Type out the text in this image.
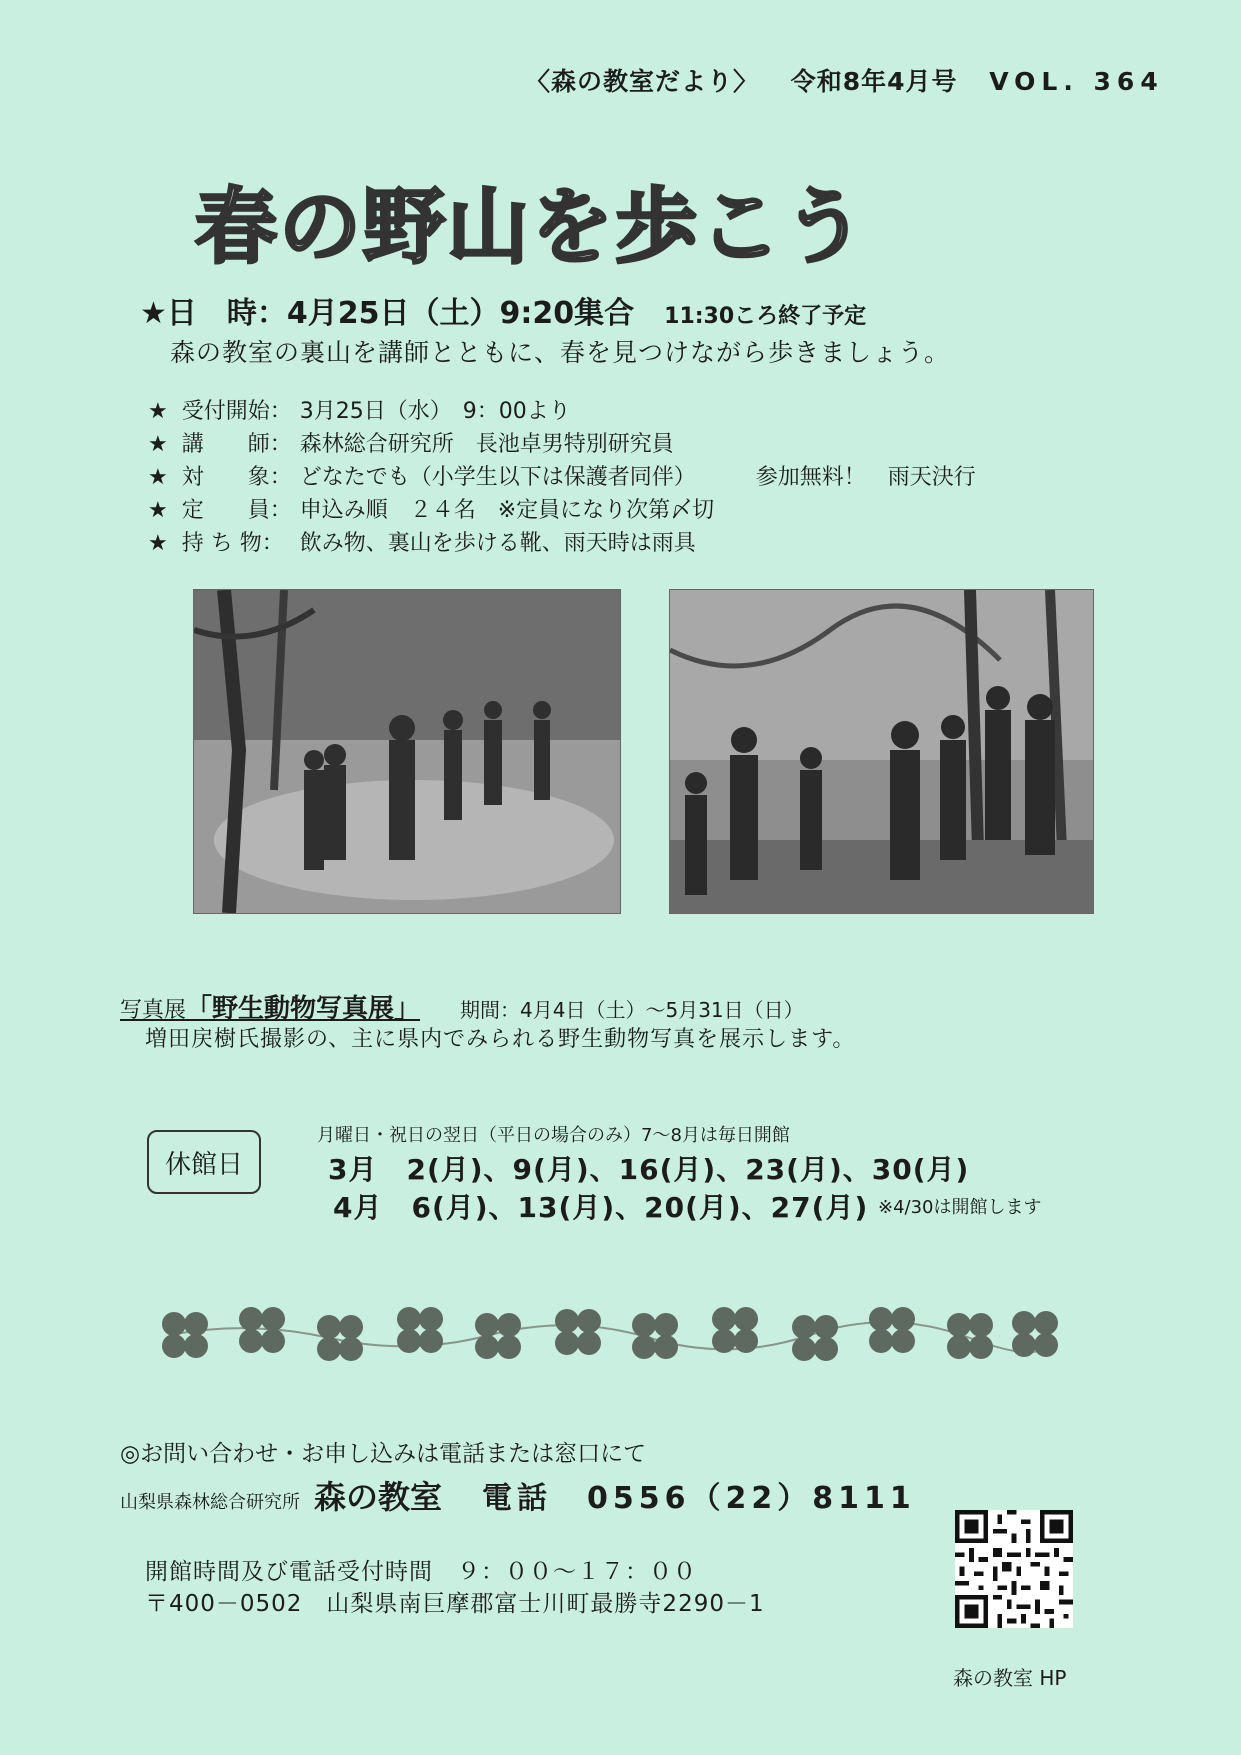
〈森の教室だより〉 令和8年4月号 VOL. 364
春の野山を歩こう
★日　時：4月25日（土）9:20集合 11:30ころ終了予定
森の教室の裏山を講師とともに、春を見つけながら歩きましょう。
★ 受付開始： 3月25日（水）　9：00より
★ 講　　師： 森林総合研究所　長池卓男特別研究員
★ 対　　象： どなたでも（小学生以下は保護者同伴）	参加無料！　雨天決行
★ 定　　員： 申込み順　２４名　※定員になり次第〆切
★ 持 ち 物： 飲み物、裏山を歩ける靴、雨天時は雨具
写真展「野生動物写真展」 期間：4月4日（土）～5月31日（日）
増田戻樹氏撮影の、主に県内でみられる野生動物写真を展示します。
休館日
月曜日・祝日の翌日（平日の場合のみ）7～8月は毎日開館
3月　2(月)、9(月)、16(月)、23(月)、30(月)
4月　6(月)、13(月)、20(月)、27(月) ※4/30は開館します
◎お問い合わせ・お申し込みは電話または窓口にて
山梨県森林総合研究所 森の教室 電話　0556（22）8111
開館時間及び電話受付時間　９：００～１７：００
〒400－0502　山梨県南巨摩郡富士川町最勝寺2290－1
森の教室 HP
